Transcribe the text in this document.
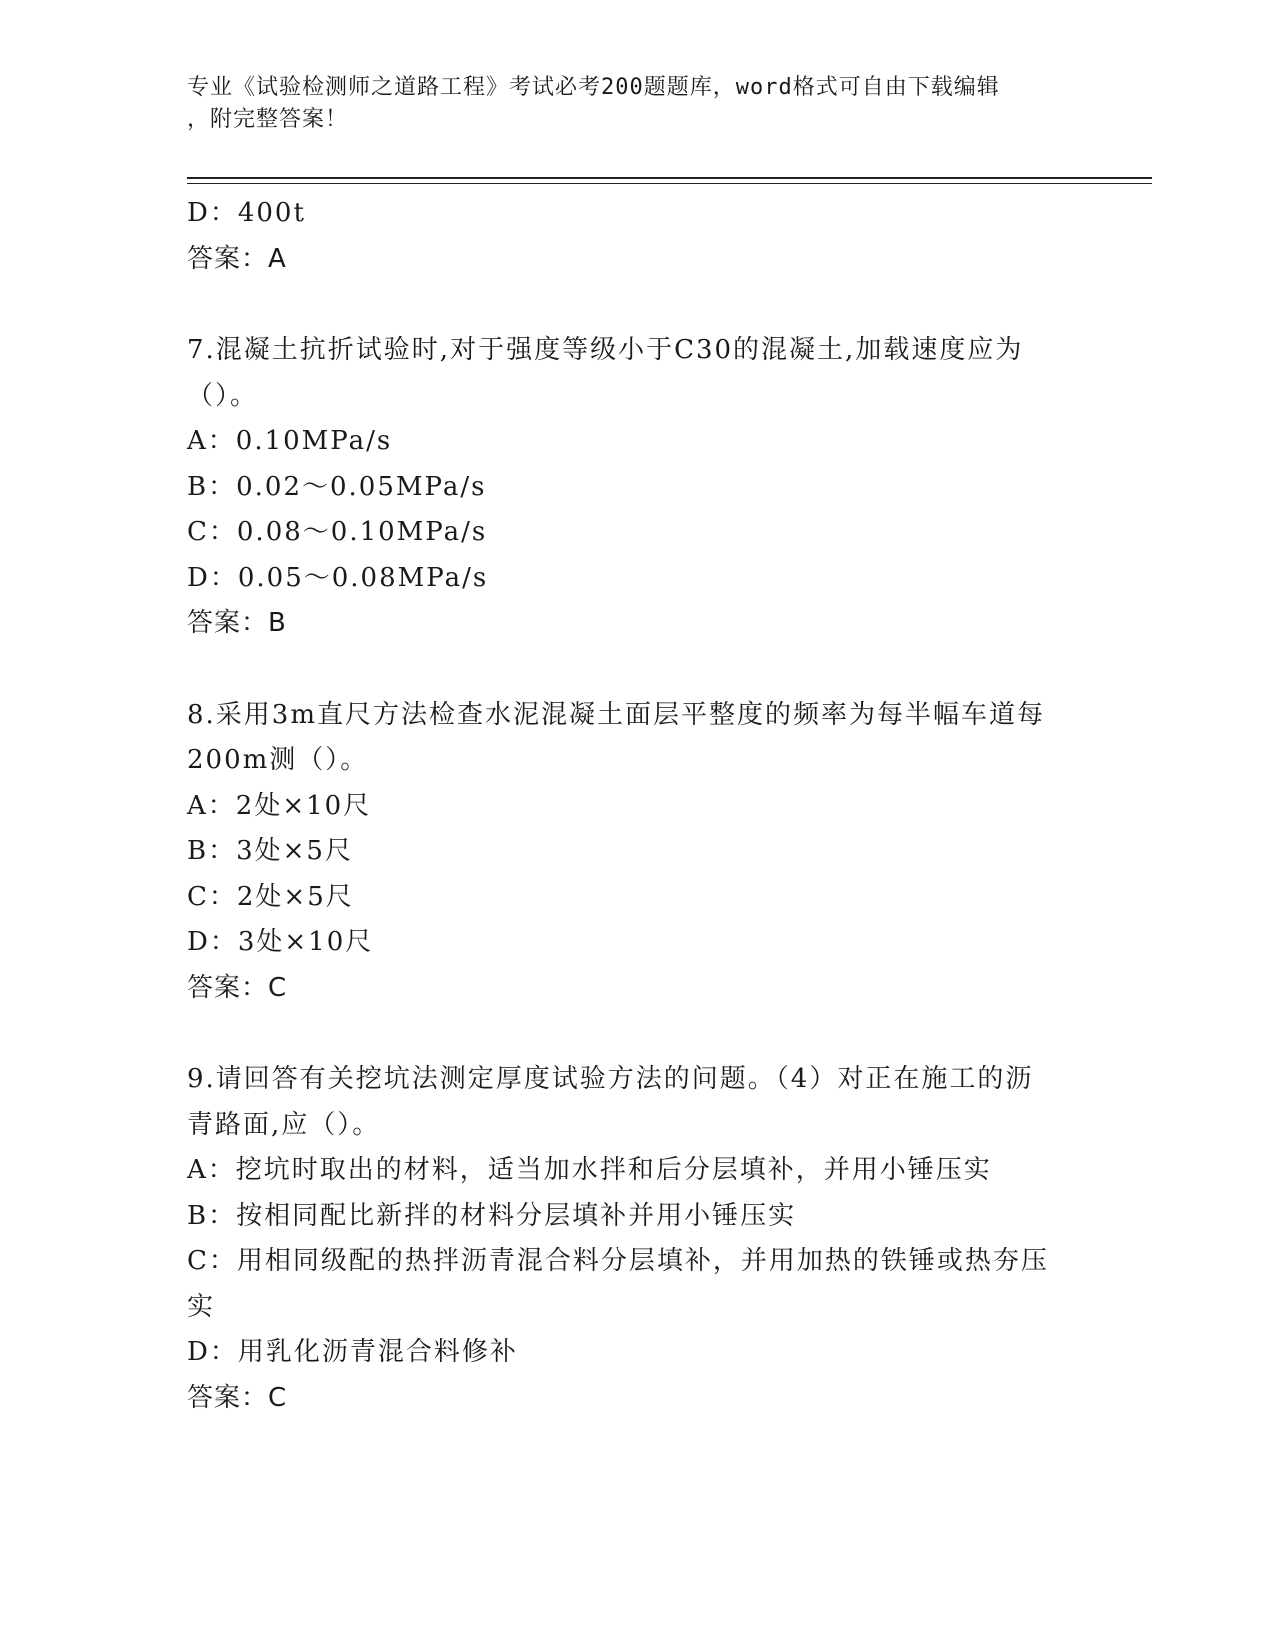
专业《试验检测师之道路工程》考试必考200题题库，word格式可自由下载编辑
，附完整答案！
D：400t
答案：A
7.混凝土抗折试验时,对于强度等级小于C30的混凝土,加载速度应为
（）。
A：0.10MPa/s
B：0.02～0.05MPa/s
C：0.08～0.10MPa/s
D：0.05～0.08MPa/s
答案：B
8.采用3m直尺方法检查水泥混凝土面层平整度的频率为每半幅车道每
200m测（）。
A：2处×10尺
B：3处×5尺
C：2处×5尺
D：3处×10尺
答案：C
9.请回答有关挖坑法测定厚度试验方法的问题。（4）对正在施工的沥
青路面,应（）。
A：挖坑时取出的材料，适当加水拌和后分层填补，并用小锤压实
B：按相同配比新拌的材料分层填补并用小锤压实
C：用相同级配的热拌沥青混合料分层填补，并用加热的铁锤或热夯压
实
D：用乳化沥青混合料修补
答案：C
